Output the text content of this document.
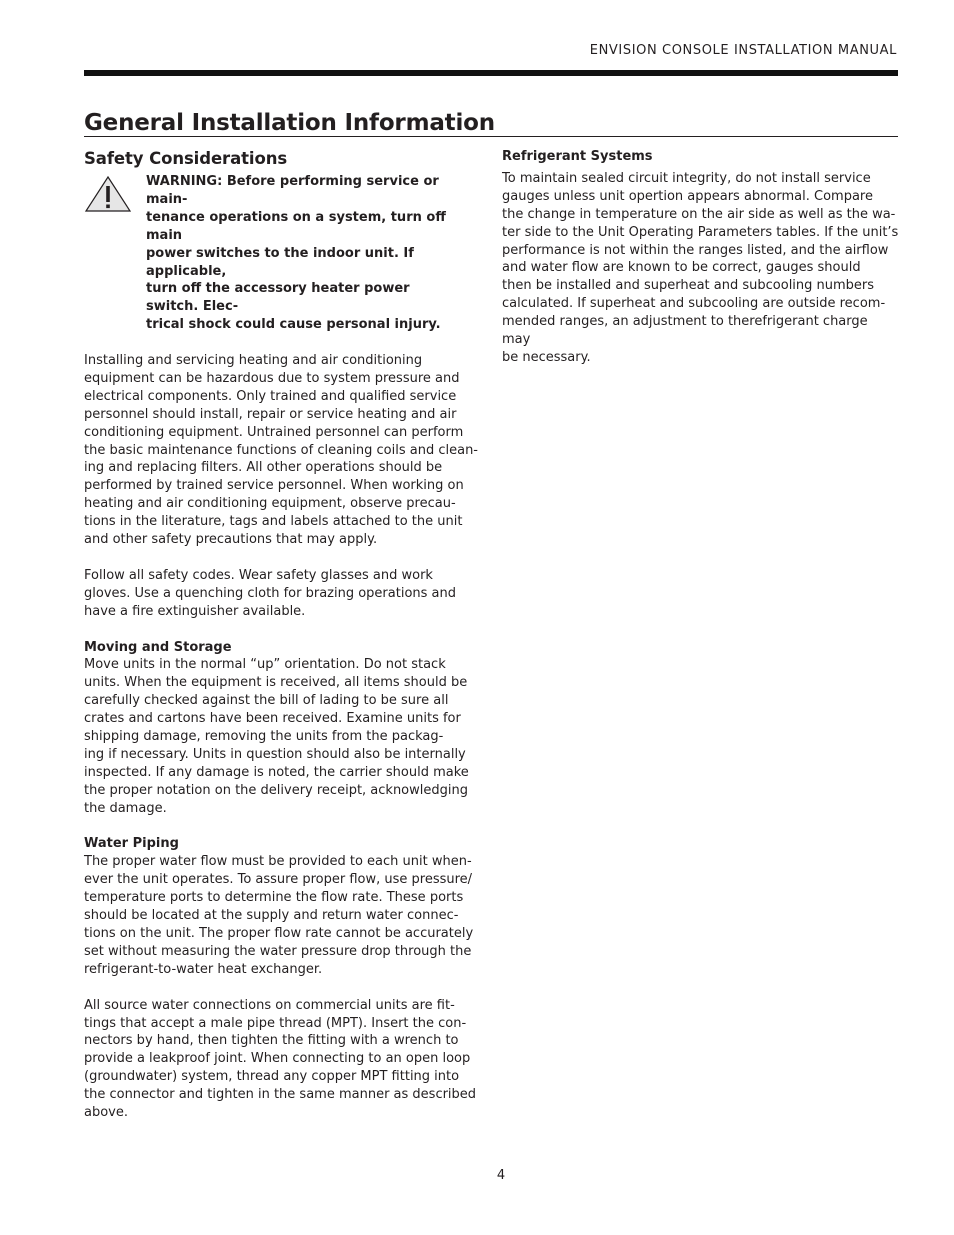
ENVISION CONSOLE INSTALLATION MANUAL
General Installation Information
Safety Considerations
WARNING: Before performing service or main-
tenance operations on a system, turn off main
power switches to the indoor unit. If applicable,
turn off the accessory heater power switch. Elec-
trical shock could cause personal injury.

Installing and servicing heating and air conditioning
equipment can be hazardous due to system pressure and
electrical components. Only trained and qualified service
personnel should install, repair or service heating and air
conditioning equipment. Untrained personnel can perform
the basic maintenance functions of cleaning coils and clean-
ing and replacing filters. All other operations should be
performed by trained service personnel. When working on
heating and air conditioning equipment, observe precau-
tions in the literature, tags and labels attached to the unit
and other safety precautions that may apply.

Follow all safety codes. Wear safety glasses and work
gloves. Use a quenching cloth for brazing operations and
have a fire extinguisher available.

Moving and Storage

Move units in the normal “up” orientation. Do not stack
units. When the equipment is received, all items should be
carefully checked against the bill of lading to be sure all
crates and cartons have been received. Examine units for
shipping damage, removing the units from the packag-
ing if necessary. Units in question should also be internally
inspected. If any damage is noted, the carrier should make
the proper notation on the delivery receipt, acknowledging
the damage.

Water Piping

The proper water flow must be provided to each unit when-
ever the unit operates. To assure proper flow, use pressure/
temperature ports to determine the flow rate. These ports
should be located at the supply and return water connec-
tions on the unit. The proper flow rate cannot be accurately
set without measuring the water pressure drop through the
refrigerant-to-water heat exchanger.

All source water connections on commercial units are fit-
tings that accept a male pipe thread (MPT). Insert the con-
nectors by hand, then tighten the fitting with a wrench to
provide a leakproof joint. When connecting to an open loop
(groundwater) system, thread any copper MPT fitting into
the connector and tighten in the same manner as described
above.

Refrigerant Systems

To maintain sealed circuit integrity, do not install service
gauges unless unit opertion appears abnormal. Compare
the change in temperature on the air side as well as the wa-
ter side to the Unit Operating Parameters tables. If the unit’s
performance is not within the ranges listed, and the airflow
and water flow are known to be correct, gauges should
then be installed and superheat and subcooling numbers
calculated. If superheat and subcooling are outside recom-
mended ranges, an adjustment to therefrigerant charge may
be necessary.

4
